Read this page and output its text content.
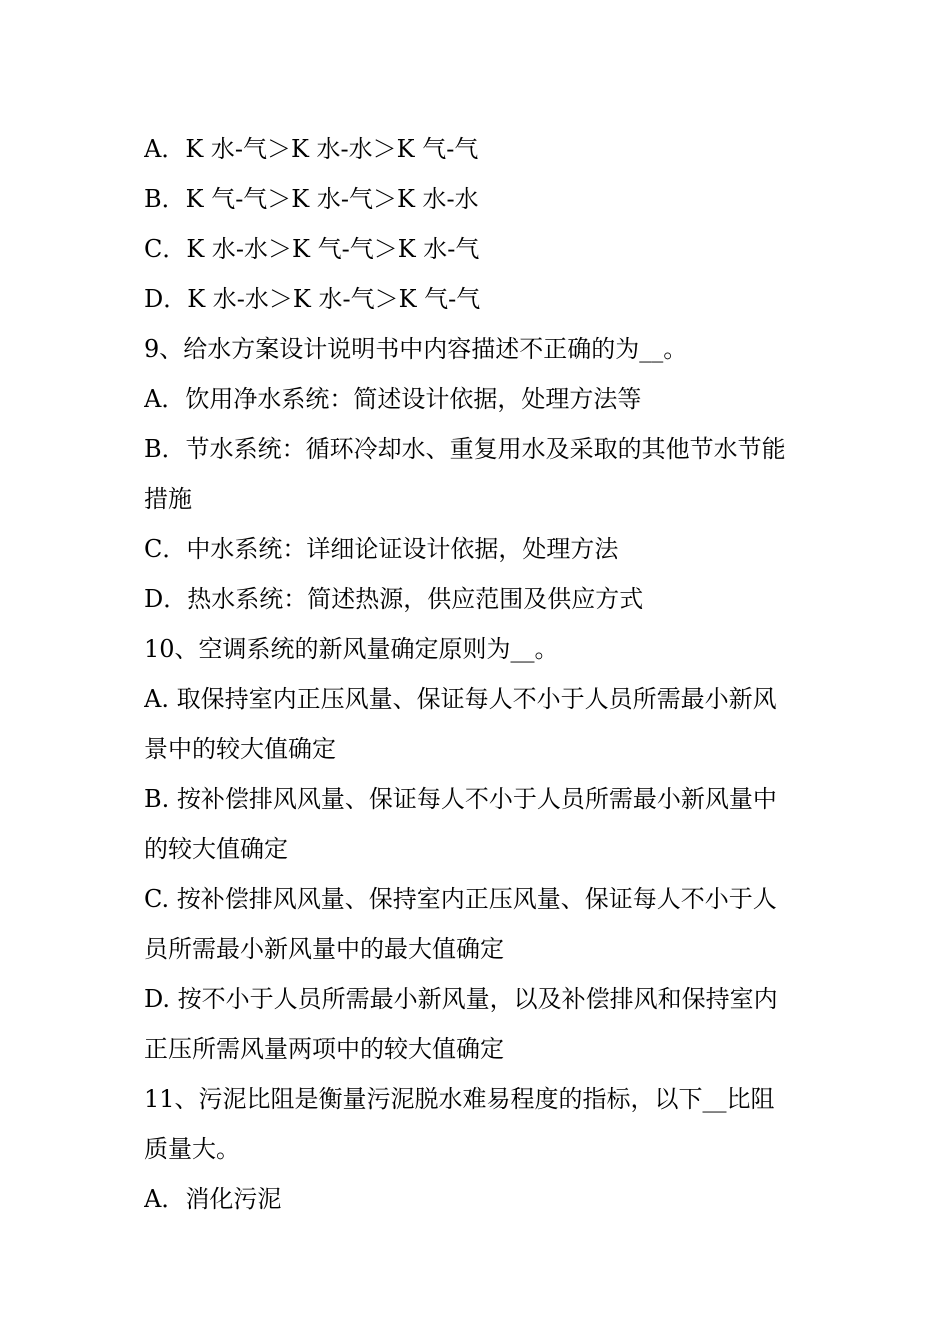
A．K 水-气＞K 水-水＞K 气-气
B．K 气-气＞K 水-气＞K 水-水
C．K 水-水＞K 气-气＞K 水-气
D．K 水-水＞K 水-气＞K 气-气
9、给水方案设计说明书中内容描述不正确的为__。
A．饮用净水系统：简述设计依据，处理方法等
B．节水系统：循环冷却水、重复用水及采取的其他节水节能
措施
C．中水系统：详细论证设计依据，处理方法
D．热水系统：简述热源，供应范围及供应方式
10、空调系统的新风量确定原则为__。
A. 取保持室内正压风量、保证每人不小于人员所需最小新风
景中的较大值确定
B. 按补偿排风风量、保证每人不小于人员所需最小新风量中
的较大值确定
C. 按补偿排风风量、保持室内正压风量、保证每人不小于人
员所需最小新风量中的最大值确定
D. 按不小于人员所需最小新风量，以及补偿排风和保持室内
正压所需风量两项中的较大值确定
11、污泥比阻是衡量污泥脱水难易程度的指标，以下__比阻
质量大。
A．消化污泥
